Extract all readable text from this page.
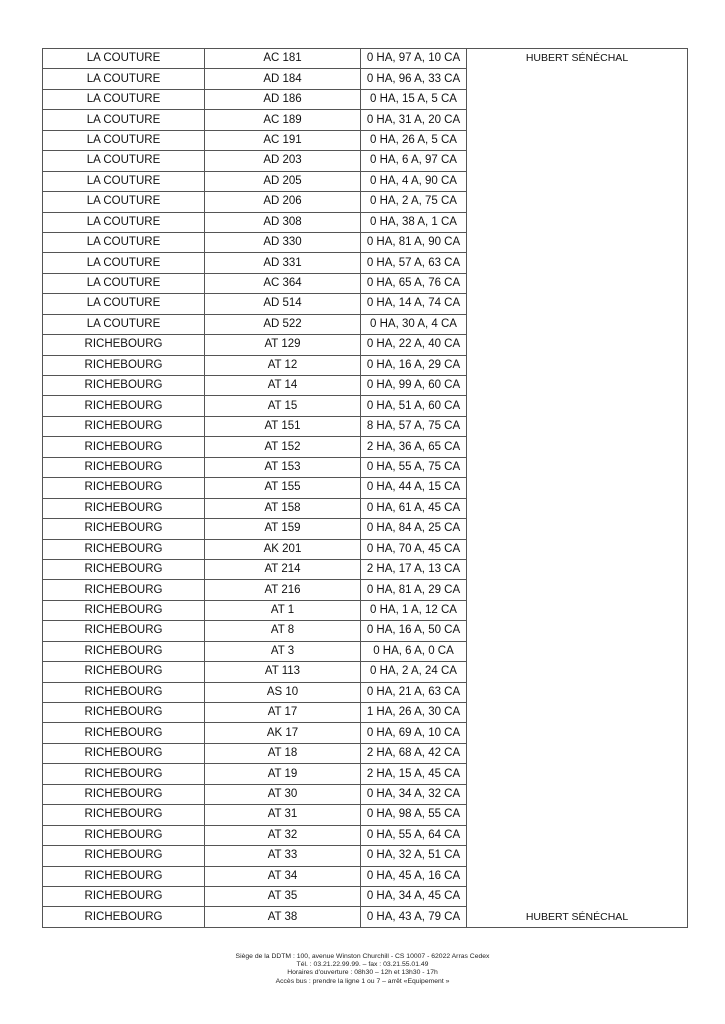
LA COUTURE	AC 181	0 HA, 97 A, 10 CA	HUBERT SÉNÉCHAL
LA COUTURE	AD 184	0 HA, 96 A, 33 CA	
LA COUTURE	AD 186	0 HA, 15 A, 5 CA	
LA COUTURE	AC 189	0 HA, 31 A, 20 CA	
LA COUTURE	AC 191	0 HA, 26 A, 5 CA	
LA COUTURE	AD 203	0 HA, 6 A, 97 CA	
LA COUTURE	AD 205	0 HA, 4 A, 90 CA	
LA COUTURE	AD 206	0 HA, 2 A, 75 CA	
LA COUTURE	AD 308	0 HA, 38 A, 1 CA	
LA COUTURE	AD 330	0 HA, 81 A, 90 CA	
LA COUTURE	AD 331	0 HA, 57 A, 63 CA	
LA COUTURE	AC 364	0 HA, 65 A, 76 CA	
LA COUTURE	AD 514	0 HA, 14 A, 74 CA	
LA COUTURE	AD 522	0 HA, 30 A, 4 CA	
RICHEBOURG	AT 129	0 HA, 22 A, 40 CA	
RICHEBOURG	AT 12	0 HA, 16 A, 29 CA	
RICHEBOURG	AT 14	0 HA, 99 A, 60 CA	
RICHEBOURG	AT 15	0 HA, 51 A, 60 CA	
RICHEBOURG	AT 151	8 HA, 57 A, 75 CA	
RICHEBOURG	AT 152	2 HA, 36 A, 65 CA	
RICHEBOURG	AT 153	0 HA, 55 A, 75 CA	
RICHEBOURG	AT 155	0 HA, 44 A, 15 CA	
RICHEBOURG	AT 158	0 HA, 61 A, 45 CA	
RICHEBOURG	AT 159	0 HA, 84 A, 25 CA	
RICHEBOURG	AK 201	0 HA, 70 A, 45 CA	
RICHEBOURG	AT 214	2 HA, 17 A, 13 CA	
RICHEBOURG	AT 216	0 HA, 81 A, 29 CA	
RICHEBOURG	AT 1	0 HA, 1 A, 12 CA	
RICHEBOURG	AT 8	0 HA, 16 A, 50 CA	
RICHEBOURG	AT 3	0 HA, 6 A, 0 CA	
RICHEBOURG	AT 113	0 HA, 2 A, 24 CA	
RICHEBOURG	AS 10	0 HA, 21 A, 63 CA	
RICHEBOURG	AT 17	1 HA, 26 A, 30 CA	
RICHEBOURG	AK 17	0 HA, 69 A, 10 CA	
RICHEBOURG	AT 18	2 HA, 68 A, 42 CA	
RICHEBOURG	AT 19	2 HA, 15 A, 45 CA	
RICHEBOURG	AT 30	0 HA, 34 A, 32 CA	
RICHEBOURG	AT 31	0 HA, 98 A, 55 CA	
RICHEBOURG	AT 32	0 HA, 55 A, 64 CA	
RICHEBOURG	AT 33	0 HA, 32 A, 51 CA	
RICHEBOURG	AT 34	0 HA, 45 A, 16 CA	
RICHEBOURG	AT 35	0 HA, 34 A, 45 CA	
RICHEBOURG	AT 38	0 HA, 43 A, 79 CA	HUBERT SÉNÉCHAL
Siège de la DDTM : 100, avenue Winston Churchill - CS 10007 - 62022 Arras Cedex
Tél. : 03.21.22.99.99. – fax : 03.21.55.01.49
Horaires d'ouverture : 08h30 – 12h et 13h30 - 17h
Accès bus : prendre la ligne 1 ou 7 – arrêt «Equipement »
